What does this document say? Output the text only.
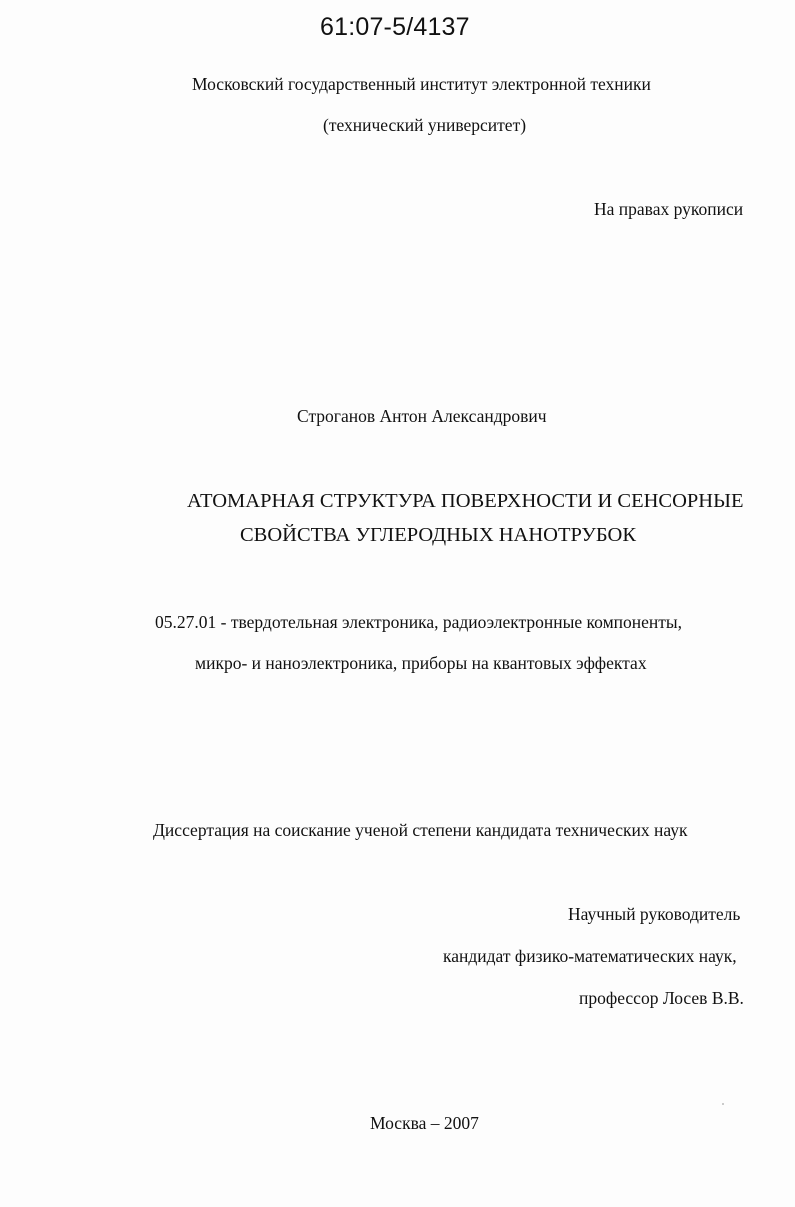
61:07-5/4137
Московский государственный институт электронной техники
(технический университет)
На правах рукописи
Строганов Антон Александрович
АТОМАРНАЯ СТРУКТУРА ПОВЕРХНОСТИ И СЕНСОРНЫЕ
СВОЙСТВА УГЛЕРОДНЫХ НАНОТРУБОК
05.27.01 - твердотельная электроника, радиоэлектронные компоненты,
микро- и наноэлектроника, приборы на квантовых эффектах
Диссертация на соискание ученой степени кандидата технических наук
Научный руководитель
кандидат физико-математических наук,
профессор Лосев В.В.
Москва – 2007
